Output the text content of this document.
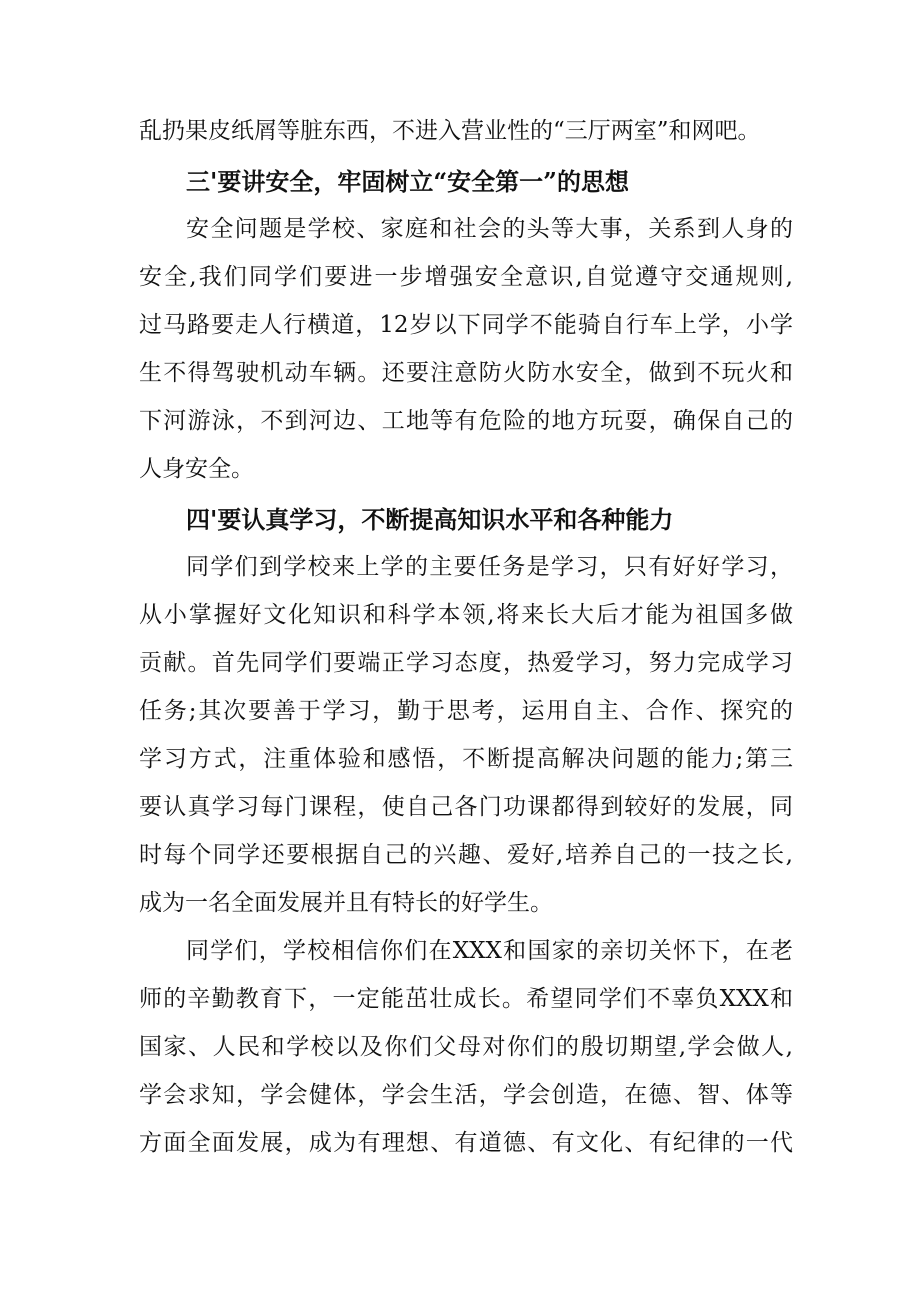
乱扔果皮纸屑等脏东西，不进入营业性的“三厅两室”和网吧。
三'要讲安全，牢固树立“安全第一”的思想
安全问题是学校、家庭和社会的头等大事，关系到人身的
安全,我们同学们要进一步增强安全意识,自觉遵守交通规则,
过马路要走人行横道，12岁以下同学不能骑自行车上学，小学
生不得驾驶机动车辆。还要注意防火防水安全，做到不玩火和
下河游泳，不到河边、工地等有危险的地方玩耍，确保自己的
人身安全。
四'要认真学习，不断提高知识水平和各种能力
同学们到学校来上学的主要任务是学习，只有好好学习，
从小掌握好文化知识和科学本领,将来长大后才能为祖国多做
贡献。首先同学们要端正学习态度，热爱学习，努力完成学习
任务;其次要善于学习，勤于思考，运用自主、合作、探究的
学习方式，注重体验和感悟，不断提高解决问题的能力;第三
要认真学习每门课程，使自己各门功课都得到较好的发展，同
时每个同学还要根据自己的兴趣、爱好,培养自己的一技之长,
成为一名全面发展并且有特长的好学生。
同学们，学校相信你们在XXX和国家的亲切关怀下，在老
师的辛勤教育下，一定能茁壮成长。希望同学们不辜负XXX和
国家、人民和学校以及你们父母对你们的殷切期望,学会做人,
学会求知，学会健体，学会生活，学会创造，在德、智、体等
方面全面发展，成为有理想、有道德、有文化、有纪律的一代
